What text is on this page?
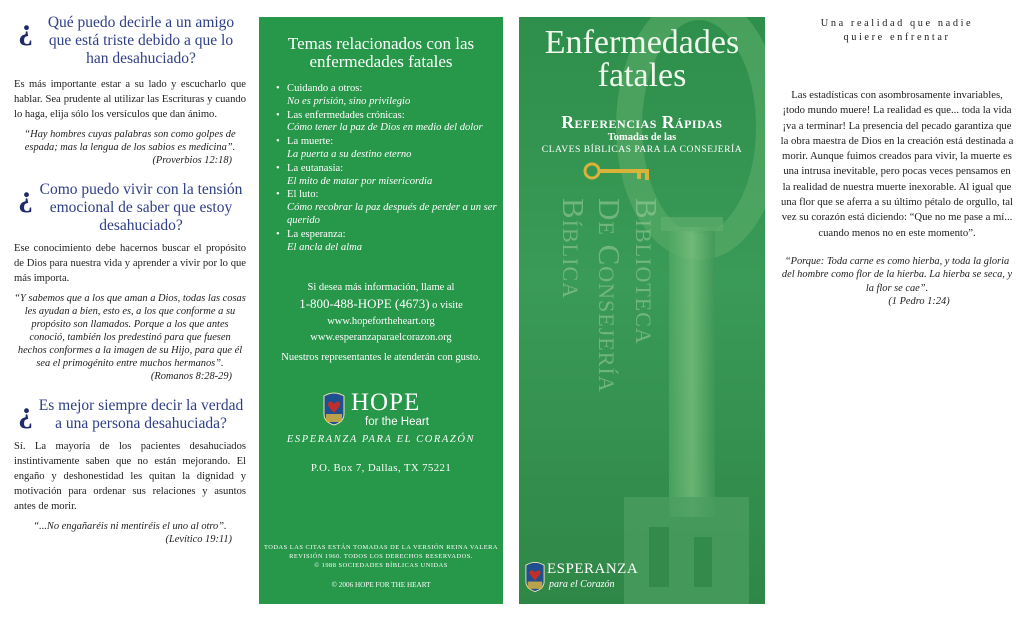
¿ Qué puedo decirle a un amigo que está triste debido a que lo han desahuciado?
Es más importante estar a su lado y escucharlo que hablar. Sea prudente al utilizar las Escrituras y cuando lo haga, elija sólo los versículos que dan ánimo.
“Hay hombres cuyas palabras son como golpes de espada; mas la lengua de los sabios es medicina”.
(Proverbios 12:18)
¿ Como puedo vivir con la tensión emocional de saber que estoy desahuciado?
Ese conocimiento debe hacernos buscar el propósito de Dios para nuestra vida y aprender a vivir por lo que más importa.
“Y sabemos que a los que aman a Dios, todas las cosas les ayudan a bien, esto es, a los que conforme a su propósito son llamados. Porque a los que antes conoció, también los predestinó para que fuesen hechos conformes a la imagen de su Hijo, para que él sea el primogénito entre muchos hermanos”.
(Romanos 8:28-29)
¿ Es mejor siempre decir la verdad a una persona desahuciada?
Sí. La mayoría de los pacientes desahuciados instintivamente saben que no están mejorando. El engaño y deshonestidad les quitan la dignidad y motivación para ordenar sus relaciones y asuntos antes de morir.
“...No engañaréis ni mentiréis el uno al otro”.
(Levítico 19:11)
Temas relacionados con las enfermedades fatales
• Cuidando a otros:
No es prisión, sino privilegio
• Las enfermedades crónicas:
Cómo tener la paz de Dios en medio del dolor
• La muerte:
La puerta a su destino eterno
• La eutanasia:
El mito de matar por misericordia
• El luto:
Cómo recobrar la paz después de perder a un ser querido
• La esperanza:
El ancla del alma
Si desea más información, llame al
1-800-488-HOPE (4673) o visite
www.hopefortheheart.org
www.esperanzaparaelcorazon.org
Nuestros representantes le atenderán con gusto.
HOPE
for the Heart
ESPERANZA PARA EL CORAZÓN
P.O. Box 7, Dallas, TX 75221
TODAS LAS CITAS ESTÁN TOMADAS DE LA VERSIÓN REINA VALERA
REVISIÓN 1960. TODOS LOS DERECHOS RESERVADOS.
© 1988 SOCIEDADES BÍBLICAS UNIDAS
© 2006 HOPE FOR THE HEART
Enfermedades
fatales
Referencias Rápidas
Tomadas de las
CLAVES BÍBLICAS PARA LA CONSEJERÍA
Biblioteca
De Consejería
Bíblica
ESPERANZA
para el Corazón
Una realidad que nadie
quiere enfrentar
Las estadísticas con asombrosamente invariables, ¡todo mundo muere! La realidad es que... toda la vida ¡va a terminar! La presencia del pecado garantiza que la obra maestra de Dios en la creación está destinada a morir. Aunque fuimos creados para vivir, la muerte es una intrusa inevitable, pero pocas veces pensamos en la realidad de nuestra muerte inexorable. Al igual que una flor que se aferra a su último pétalo de orgullo, tal vez su corazón está diciendo: “Que no me pase a mí... cuando menos no en este momento”.
“Porque: Toda carne es como hierba, y toda la gloria del hombre como flor de la hierba. La hierba se seca, y la flor se cae”.
(1 Pedro 1:24)
